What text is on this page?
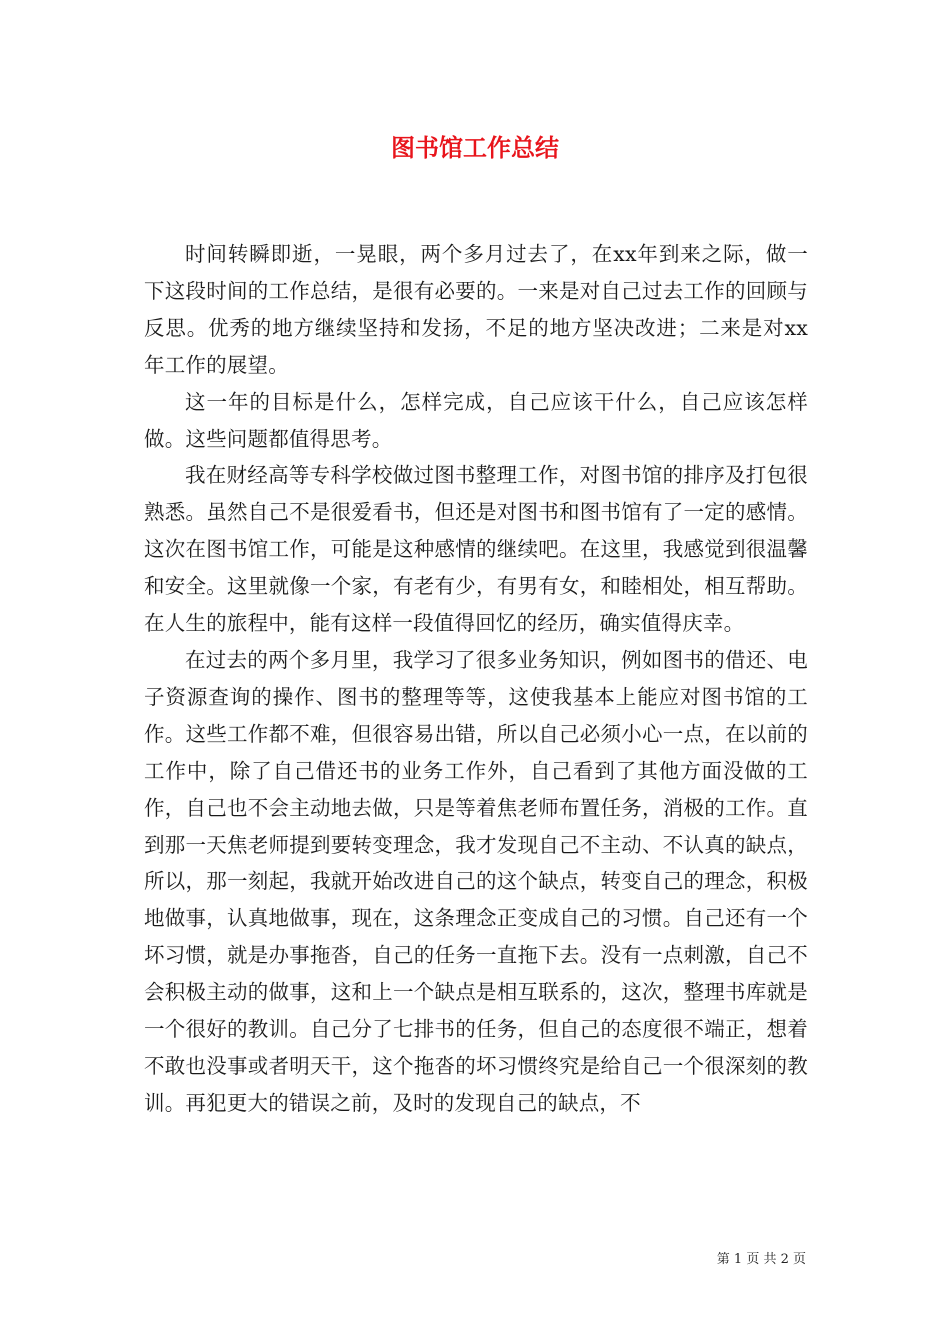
图书馆工作总结

时间转瞬即逝，一晃眼，两个多月过去了，在xx年到来之际，做一下这段时间的工作总结，是很有必要的。一来是对自己过去工作的回顾与反思。优秀的地方继续坚持和发扬，不足的地方坚决改进；二来是对xx年工作的展望。

这一年的目标是什么，怎样完成，自己应该干什么，自己应该怎样做。这些问题都值得思考。

我在财经高等专科学校做过图书整理工作，对图书馆的排序及打包很熟悉。虽然自己不是很爱看书，但还是对图书和图书馆有了一定的感情。这次在图书馆工作，可能是这种感情的继续吧。在这里，我感觉到很温馨和安全。这里就像一个家，有老有少，有男有女，和睦相处，相互帮助。在人生的旅程中，能有这样一段值得回忆的经历，确实值得庆幸。

在过去的两个多月里，我学习了很多业务知识，例如图书的借还、电子资源查询的操作、图书的整理等等，这使我基本上能应对图书馆的工作。这些工作都不难，但很容易出错，所以自己必须小心一点，在以前的工作中，除了自己借还书的业务工作外，自己看到了其他方面没做的工作，自己也不会主动地去做，只是等着焦老师布置任务，消极的工作。直到那一天焦老师提到要转变理念，我才发现自己不主动、不认真的缺点，所以，那一刻起，我就开始改进自己的这个缺点，转变自己的理念，积极地做事，认真地做事，现在，这条理念正变成自己的习惯。自己还有一个坏习惯，就是办事拖沓，自己的任务一直拖下去。没有一点刺激，自己不会积极主动的做事，这和上一个缺点是相互联系的，这次，整理书库就是一个很好的教训。自己分了七排书的任务，但自己的态度很不端正，想着不敢也没事或者明天干，这个拖沓的坏习惯终究是给自己一个很深刻的教训。再犯更大的错误之前，及时的发现自己的缺点，不

第 1 页 共 2 页
